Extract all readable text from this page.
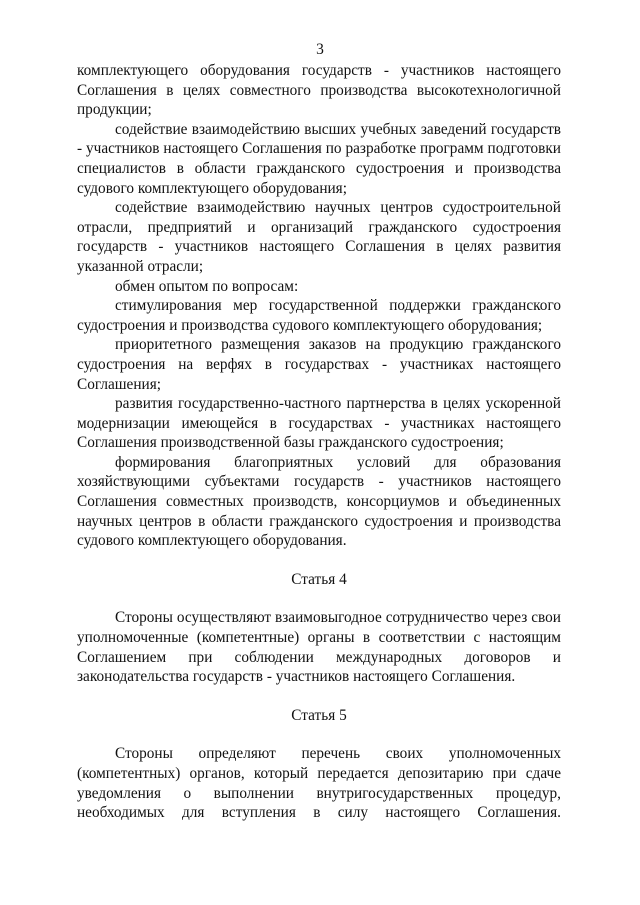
3

комплектующего оборудования государств - участников настоящего Соглашения в целях совместного производства высокотехнологичной продукции;

содействие взаимодействию высших учебных заведений государств - участников настоящего Соглашения по разработке программ подготовки специалистов в области гражданского судостроения и производства судового комплектующего оборудования;

содействие взаимодействию научных центров судостроительной отрасли, предприятий и организаций гражданского судостроения государств - участников настоящего Соглашения в целях развития указанной отрасли;

обмен опытом по вопросам:

стимулирования мер государственной поддержки гражданского судостроения и производства судового комплектующего оборудования;

приоритетного размещения заказов на продукцию гражданского судостроения на верфях в государствах - участниках настоящего Соглашения;

развития государственно-частного партнерства в целях ускоренной модернизации имеющейся в государствах - участниках настоящего Соглашения производственной базы гражданского судостроения;

формирования благоприятных условий для образования хозяйствующими субъектами государств - участников настоящего Соглашения совместных производств, консорциумов и объединенных научных центров в области гражданского судостроения и производства судового комплектующего оборудования.

Статья 4

Стороны осуществляют взаимовыгодное сотрудничество через свои уполномоченные (компетентные) органы в соответствии с настоящим Соглашением при соблюдении международных договоров и законодательства государств - участников настоящего Соглашения.

Статья 5

Стороны определяют перечень своих уполномоченных (компетентных) органов, который передается депозитарию при сдаче уведомления о выполнении внутригосударственных процедур, необходимых для вступления в силу настоящего Соглашения.
